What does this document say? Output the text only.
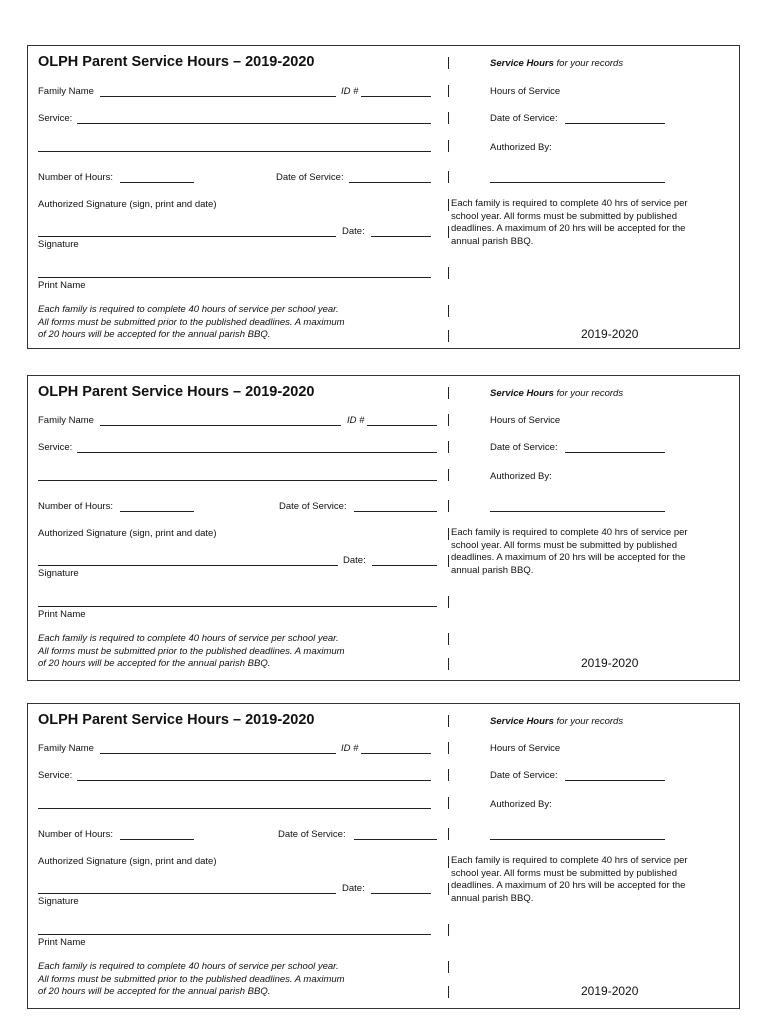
OLPH Parent Service Hours – 2019-2020	Service Hours for your records
Family Name	ID #	Hours of Service
Service:	Date of Service:
Authorized By:
Number of Hours:	Date of Service:
Authorized Signature (sign, print and date)	Each family is required to complete 40 hrs of service per
school year. All forms must be submitted by published
deadlines. A maximum of 20 hrs will be accepted for the
annual parish BBQ.
Date:
Signature
Print Name
Each family is required to complete 40 hours of service per school year.
All forms must be submitted prior to the published deadlines. A maximum
of 20 hours will be accepted for the annual parish BBQ.	2019-2020
OLPH Parent Service Hours – 2019-2020	Service Hours for your records
Family Name	ID #	Hours of Service
Service:	Date of Service:
Authorized By:
Number of Hours:	Date of Service:
Authorized Signature (sign, print and date)	Each family is required to complete 40 hrs of service per
school year. All forms must be submitted by published
deadlines. A maximum of 20 hrs will be accepted for the
annual parish BBQ.
Date:
Signature
Print Name
Each family is required to complete 40 hours of service per school year.
All forms must be submitted prior to the published deadlines. A maximum
of 20 hours will be accepted for the annual parish BBQ.	2019-2020
OLPH Parent Service Hours – 2019-2020	Service Hours for your records
Family Name	ID #	Hours of Service
Service:	Date of Service:
Authorized By:
Number of Hours:	Date of Service:
Authorized Signature (sign, print and date)	Each family is required to complete 40 hrs of service per
school year. All forms must be submitted by published
deadlines. A maximum of 20 hrs will be accepted for the
annual parish BBQ.
Date:
Signature
Print Name
Each family is required to complete 40 hours of service per school year.
All forms must be submitted prior to the published deadlines. A maximum
of 20 hours will be accepted for the annual parish BBQ.	2019-2020
